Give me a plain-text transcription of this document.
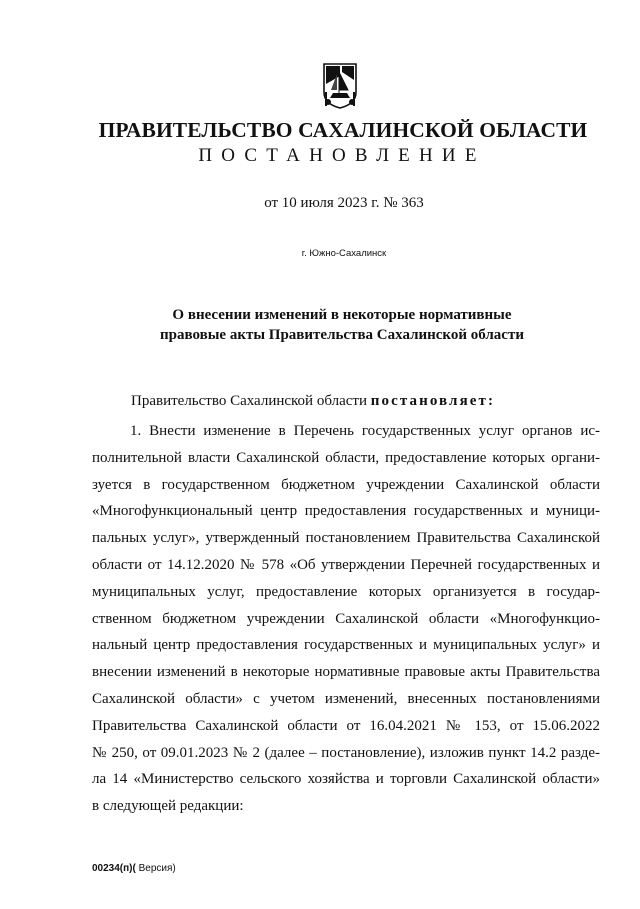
ПРАВИТЕЛЬСТВО САХАЛИНСКОЙ ОБЛАСТИ
ПОСТАНОВЛЕНИЕ
от 10 июля 2023 г. № 363
г. Южно-Сахалинск
О внесении изменений в некоторые нормативные
правовые акты Правительства Сахалинской области
Правительство Сахалинской области постановляет:
1. Внести изменение в Перечень государственных услуг органов ис-
полнительной власти Сахалинской области, предоставление которых органи-
зуется в государственном бюджетном учреждении Сахалинской области
«Многофункциональный центр предоставления государственных и муници-
пальных услуг», утвержденный постановлением Правительства Сахалинской
области от 14.12.2020 № 578 «Об утверждении Перечней государственных и
муниципальных услуг, предоставление которых организуется в государ-
ственном бюджетном учреждении Сахалинской области «Многофункцио-
нальный центр предоставления государственных и муниципальных услуг» и
внесении изменений в некоторые нормативные правовые акты Правительства
Сахалинской области» с учетом изменений, внесенных постановлениями
Правительства Сахалинской области от 16.04.2021 № 153, от 15.06.2022
№ 250, от 09.01.2023 № 2 (далее – постановление), изложив пункт 14.2 разде-
ла 14 «Министерство сельского хозяйства и торговли Сахалинской области»
в следующей редакции:
00234(п)( Версия)
